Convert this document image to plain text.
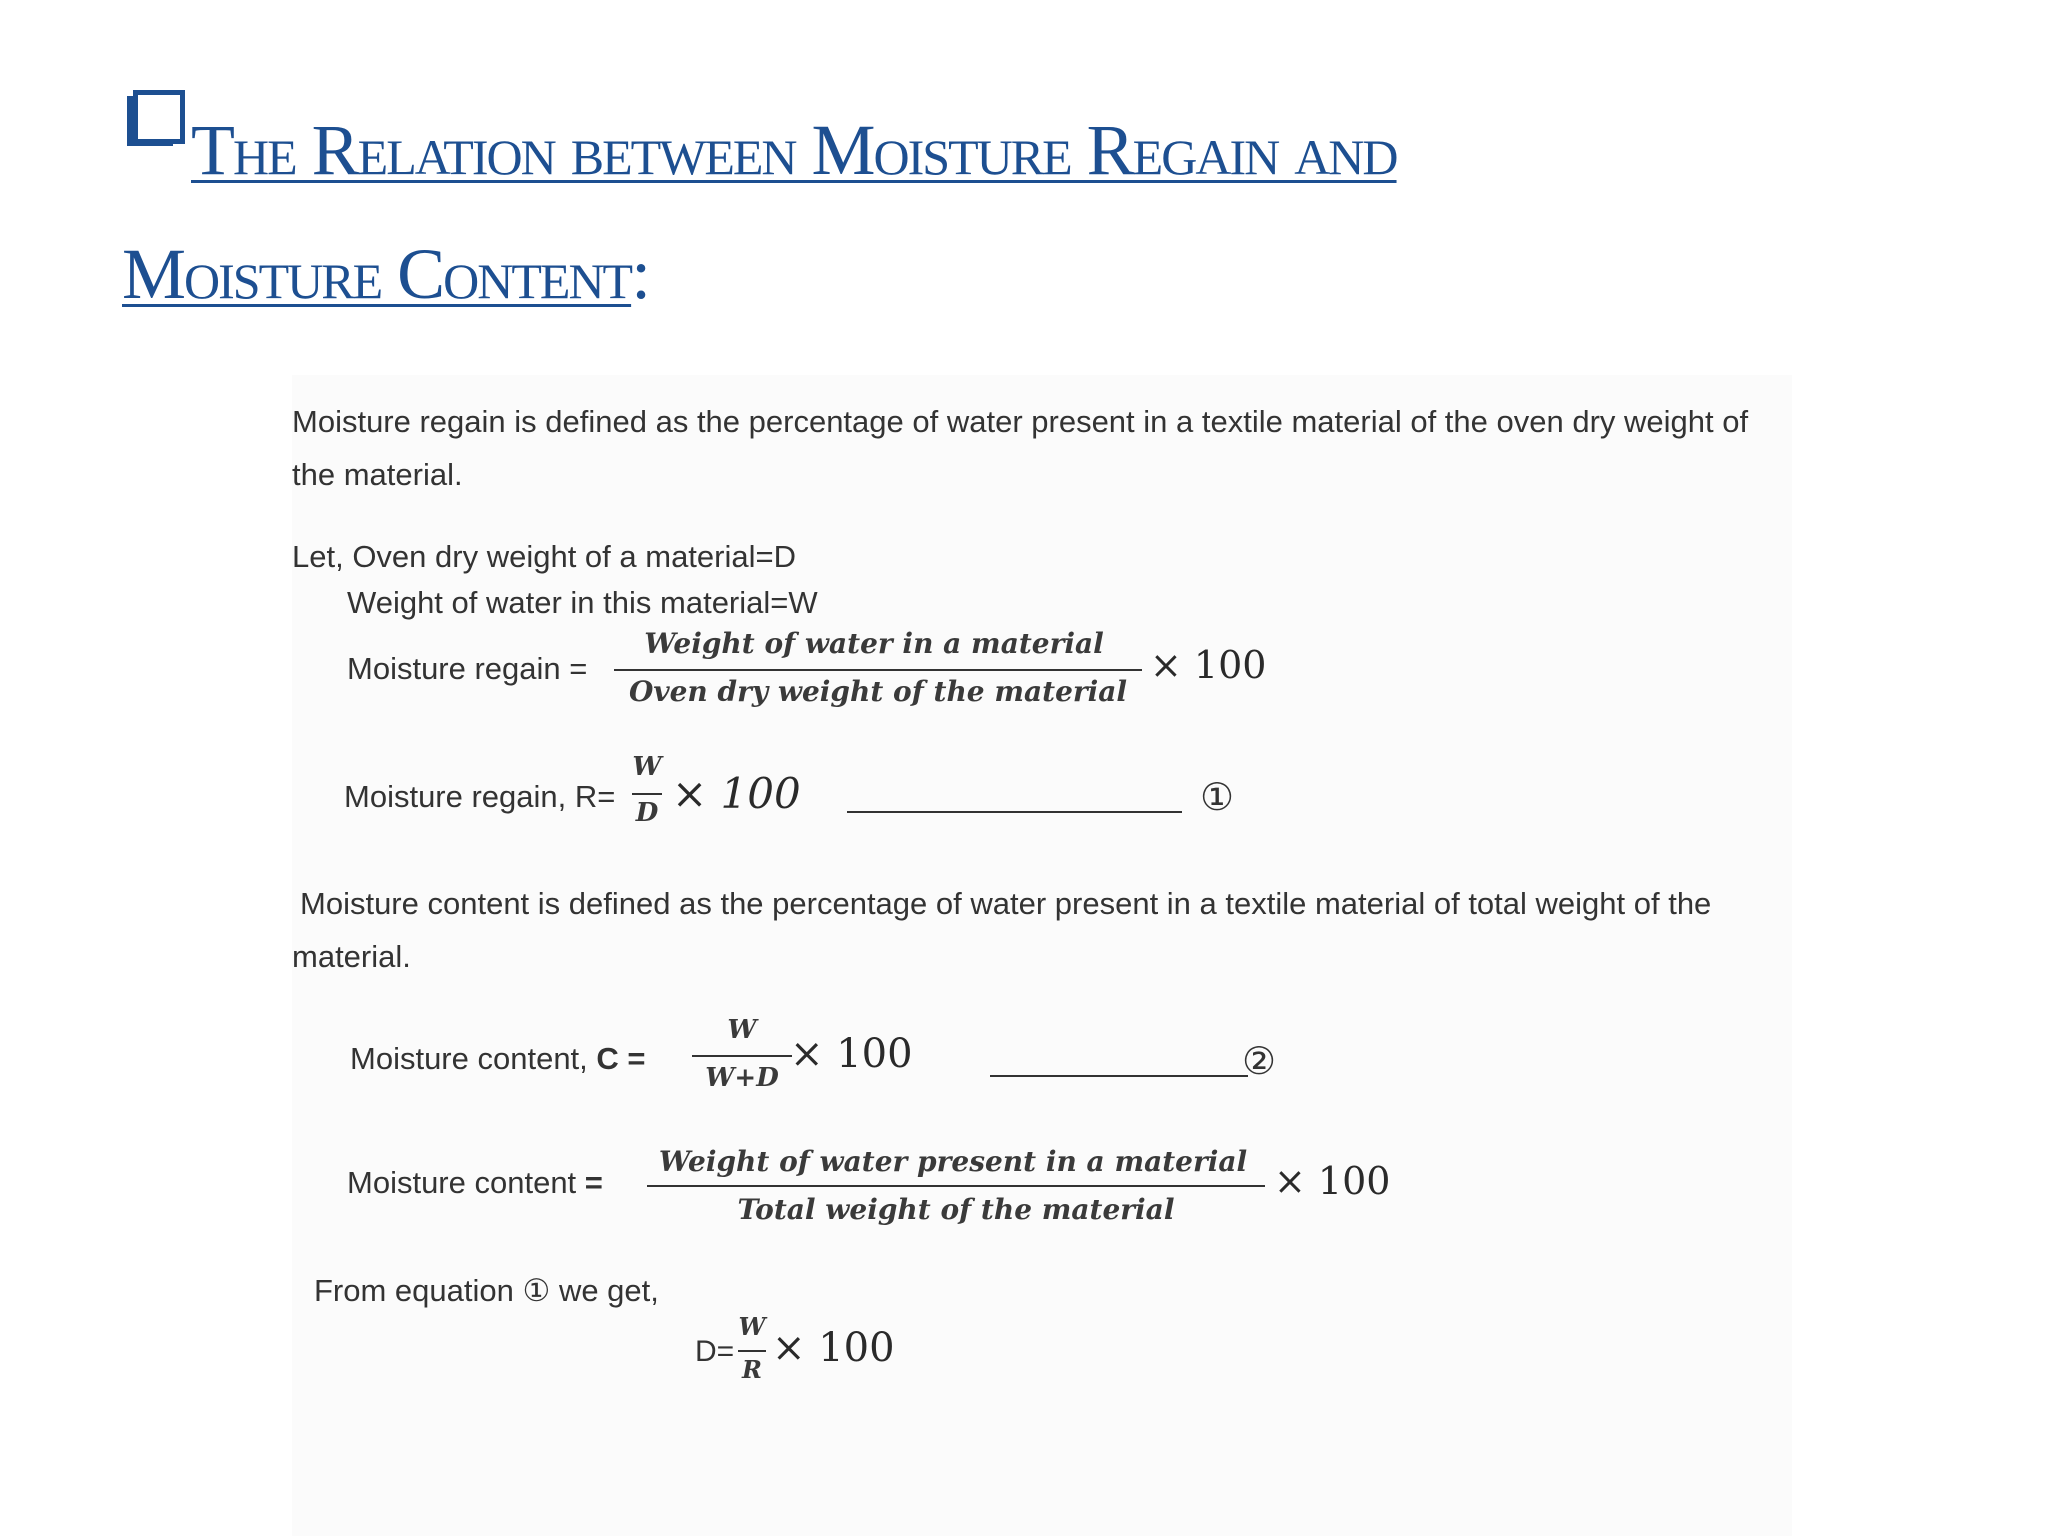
The Relation between Moisture Regain and
Moisture Content:
Moisture regain is defined as the percentage of water present in a textile material of the oven dry weight of the material.
Let, Oven dry weight of a material=D
Weight of water in this material=W
Moisture regain =
Weight of water in a material
Oven dry weight of the material
× 100
Moisture regain, R=
W
D × 100	①
Moisture content is defined as the percentage of water present in a textile material of total weight of the material.
Moisture content, C =
W
W+D
× 100	②
Moisture content =
Weight of water present in a material
Total weight of the material
× 100
From equation ① we get,
D=
W
R × 100
